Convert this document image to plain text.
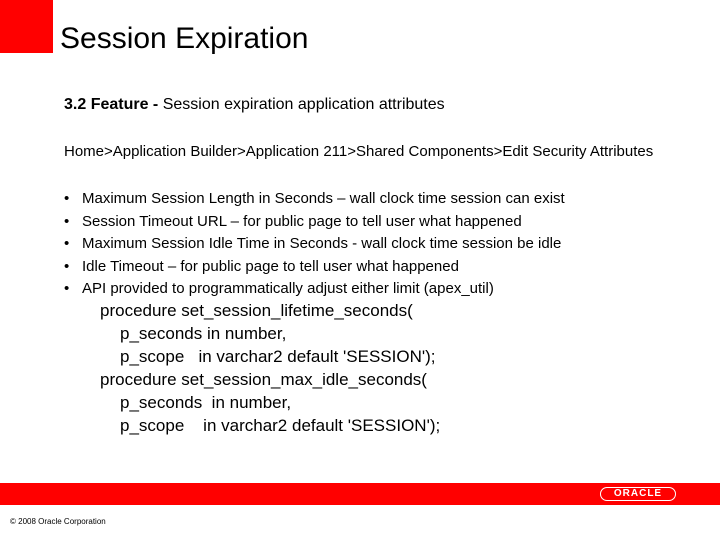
Session Expiration
3.2 Feature - Session expiration application attributes
Home>Application Builder>Application 211>Shared Components>Edit Security Attributes
• Maximum Session Length in Seconds – wall clock time session can exist
• Session Timeout URL – for public page to tell user what happened
• Maximum Session Idle Time in Seconds - wall clock time session be idle
• Idle Timeout – for public page to tell user what happened
• API provided to programmatically adjust either limit (apex_util)
procedure set_session_lifetime_seconds(
p_seconds in number,
p_scope   in varchar2 default 'SESSION');
procedure set_session_max_idle_seconds(
p_seconds  in number,
p_scope    in varchar2 default 'SESSION');
ORACLE
© 2008 Oracle Corporation
